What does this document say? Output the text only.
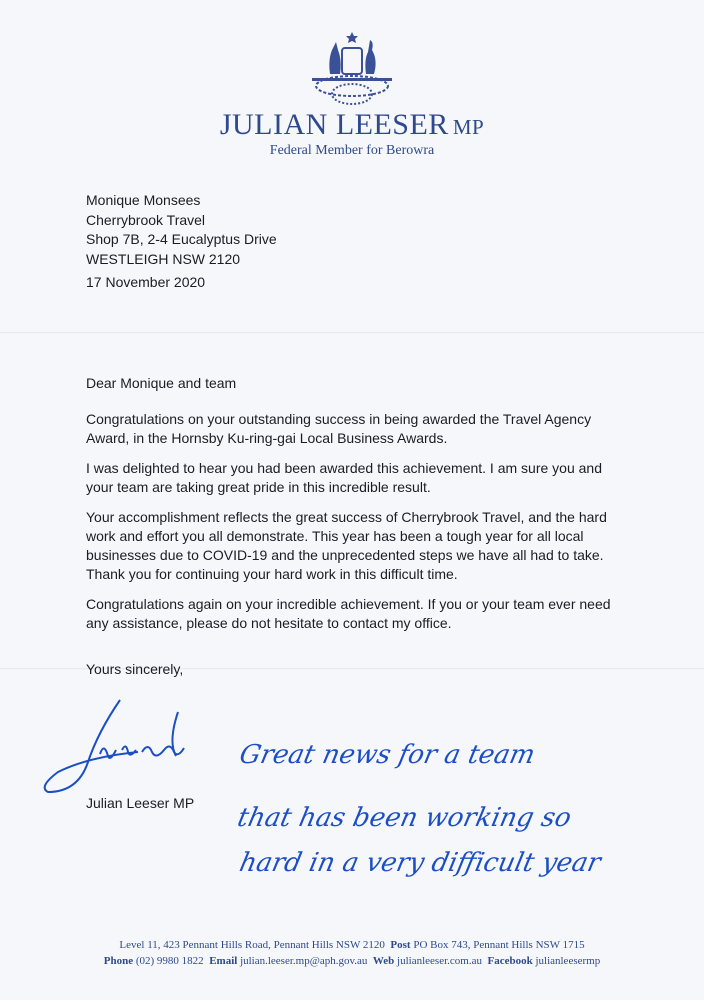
JULIAN LEESER MP
Federal Member for Berowra
Monique Monsees
Cherrybrook Travel
Shop 7B, 2-4 Eucalyptus Drive
WESTLEIGH NSW 2120
17 November 2020
Dear Monique and team
Congratulations on your outstanding success in being awarded the Travel Agency Award, in the Hornsby Ku-ring-gai Local Business Awards.
I was delighted to hear you had been awarded this achievement. I am sure you and your team are taking great pride in this incredible result.
Your accomplishment reflects the great success of Cherrybrook Travel, and the hard work and effort you all demonstrate. This year has been a tough year for all local businesses due to COVID-19 and the unprecedented steps we have all had to take. Thank you for continuing your hard work in this difficult time.
Congratulations again on your incredible achievement. If you or your team ever need any assistance, please do not hesitate to contact my office.
Yours sincerely,
Julian Leeser MP
Great news for a team
that has been working so
hard in a very difficult year
Level 11, 423 Pennant Hills Road, Pennant Hills NSW 2120 Post PO Box 743, Pennant Hills NSW 1715
Phone (02) 9980 1822 Email julian.leeser.mp@aph.gov.au Web julianleeser.com.au Facebook julianleesermp
